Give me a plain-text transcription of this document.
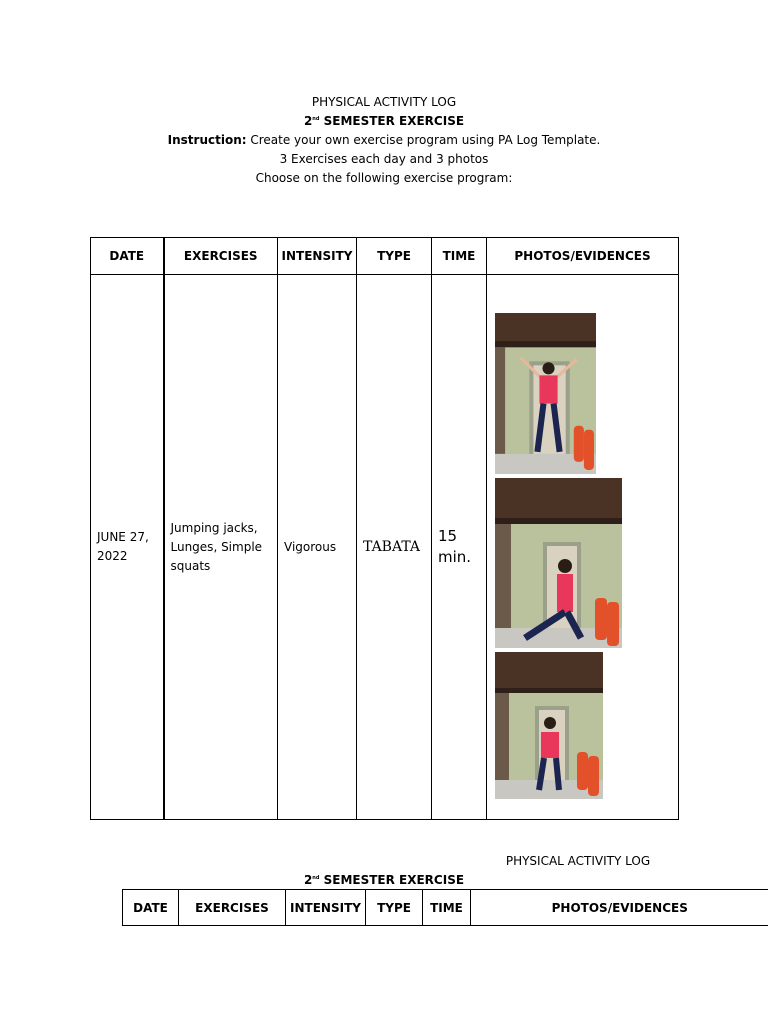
PHYSICAL ACTIVITY LOG
2nd SEMESTER EXERCISE
Instruction: Create your own exercise program using PA Log Template.
3 Exercises each day and 3 photos
Choose on the following exercise program:
DATE	EXERCISES	INTENSITY	TYPE	TIME	PHOTOS/EVIDENCES

JUNE 27, 2022	Jumping jacks, Lunges, Simple squats	Vigorous	TABATA	15 min.

PHYSICAL ACTIVITY LOG
2nd SEMESTER EXERCISE
DATE	EXERCISES	INTENSITY	TYPE	TIME	PHOTOS/EVIDENCES
